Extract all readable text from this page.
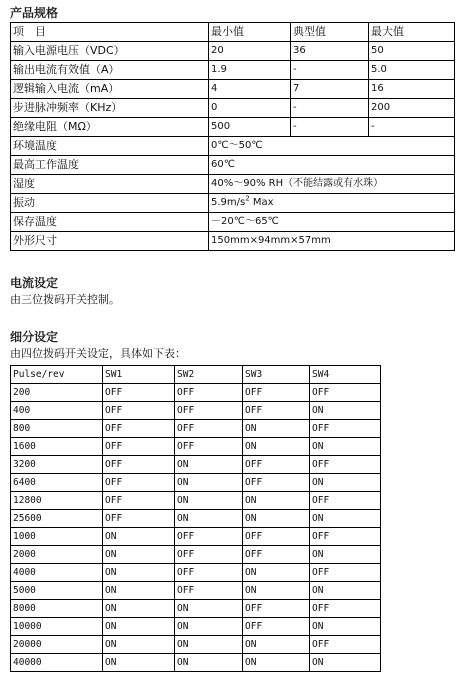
产品规格
项　目	最小值	典型值	最大值
输入电源电压（VDC）	20	36	50
输出电流有效值（A）	1.9	-	5.0
逻辑输入电流（mA）	4	7	16
步进脉冲频率（KHz）	0	-	200
绝缘电阻（MΩ）	500	-	-
环境温度	0℃～50℃		
最高工作温度	60℃		
湿度	40%～90% RH（不能结露或有水珠）		
振动	$5.9m/s^2$ Max		
保存温度	－20℃～65℃		
外形尺寸	150mm×94mm×57mm		
电流设定
由三位拨码开关控制。
细分设定
由四位拨码开关设定，具体如下表：
Pulse/rev	SW1	SW2	SW3	SW4
200	OFF	OFF	OFF	OFF
400	OFF	OFF	OFF	ON
800	OFF	OFF	ON	OFF
1600	OFF	OFF	ON	ON
3200	OFF	ON	OFF	OFF
6400	OFF	ON	OFF	ON
12800	OFF	ON	ON	OFF
25600	OFF	ON	ON	ON
1000	ON	OFF	OFF	OFF
2000	ON	OFF	OFF	ON
4000	ON	OFF	ON	OFF
5000	ON	OFF	ON	ON
8000	ON	ON	OFF	OFF
10000	ON	ON	OFF	ON
20000	ON	ON	ON	OFF
40000	ON	ON	ON	ON
